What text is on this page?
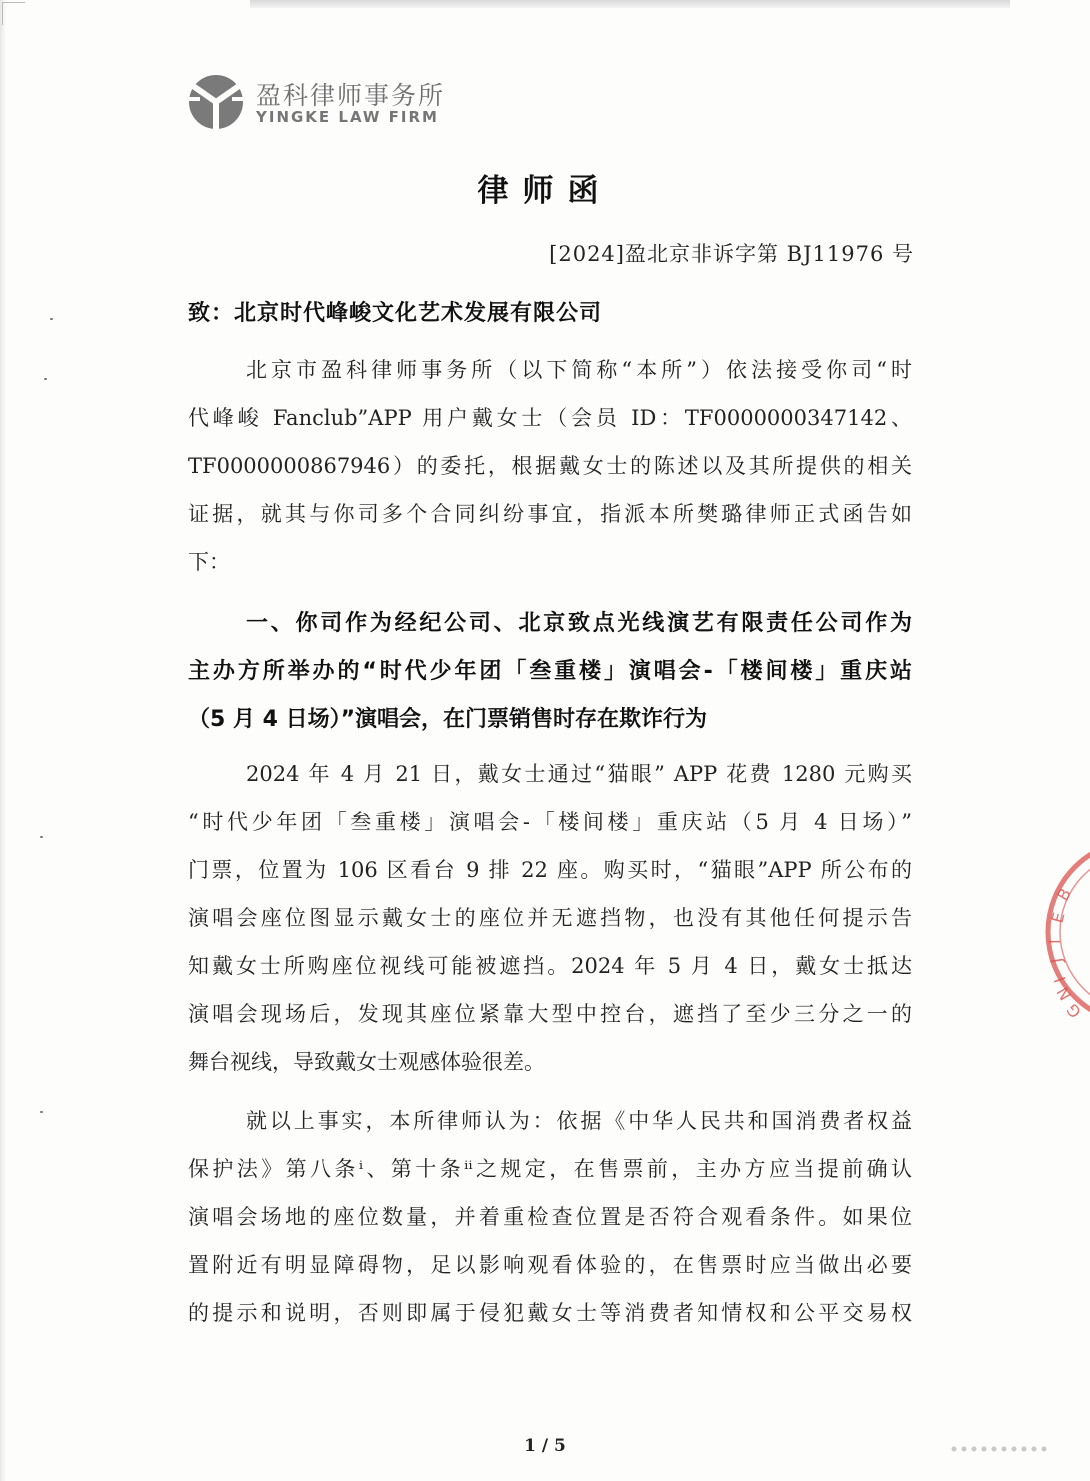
盈科律师事务所
YINGKE LAW FIRM
律师函
[2024]盈北京非诉字第 BJ11976 号
致：北京时代峰峻文化艺术发展有限公司
北京市盈科律师事务所（以下简称“本所”）依法接受你司“时
代峰峻 Fanclub”APP 用户戴女士（会员 ID：TF0000000347142、
TF0000000867946）的委托，根据戴女士的陈述以及其所提供的相关
证据，就其与你司多个合同纠纷事宜，指派本所樊璐律师正式函告如
下：
一、你司作为经纪公司、北京致点光线演艺有限责任公司作为
主办方所举办的“时代少年团「叁重楼」演唱会-「楼间楼」重庆站
（5 月 4 日场）”演唱会，在门票销售时存在欺诈行为
2024 年 4 月 21 日，戴女士通过“猫眼” APP 花费 1280 元购买
“时代少年团「叁重楼」演唱会-「楼间楼」重庆站（5 月 4 日场）”
门票，位置为 106 区看台 9 排 22 座。购买时，“猫眼”APP 所公布的
演唱会座位图显示戴女士的座位并无遮挡物，也没有其他任何提示告
知戴女士所购座位视线可能被遮挡。2024 年 5 月 4 日，戴女士抵达
演唱会现场后，发现其座位紧靠大型中控台，遮挡了至少三分之一的
舞台视线，导致戴女士观感体验很差。
就以上事实，本所律师认为：依据《中华人民共和国消费者权益
保护法》第八条ⁱ、第十条ⁱⁱ之规定，在售票前，主办方应当提前确认
演唱会场地的座位数量，并着重检查位置是否符合观看条件。如果位
置附近有明显障碍物，足以影响观看体验的，在售票时应当做出必要
的提示和说明，否则即属于侵犯戴女士等消费者知情权和公平交易权
B
E
I
J
I
N
G
1 / 5
